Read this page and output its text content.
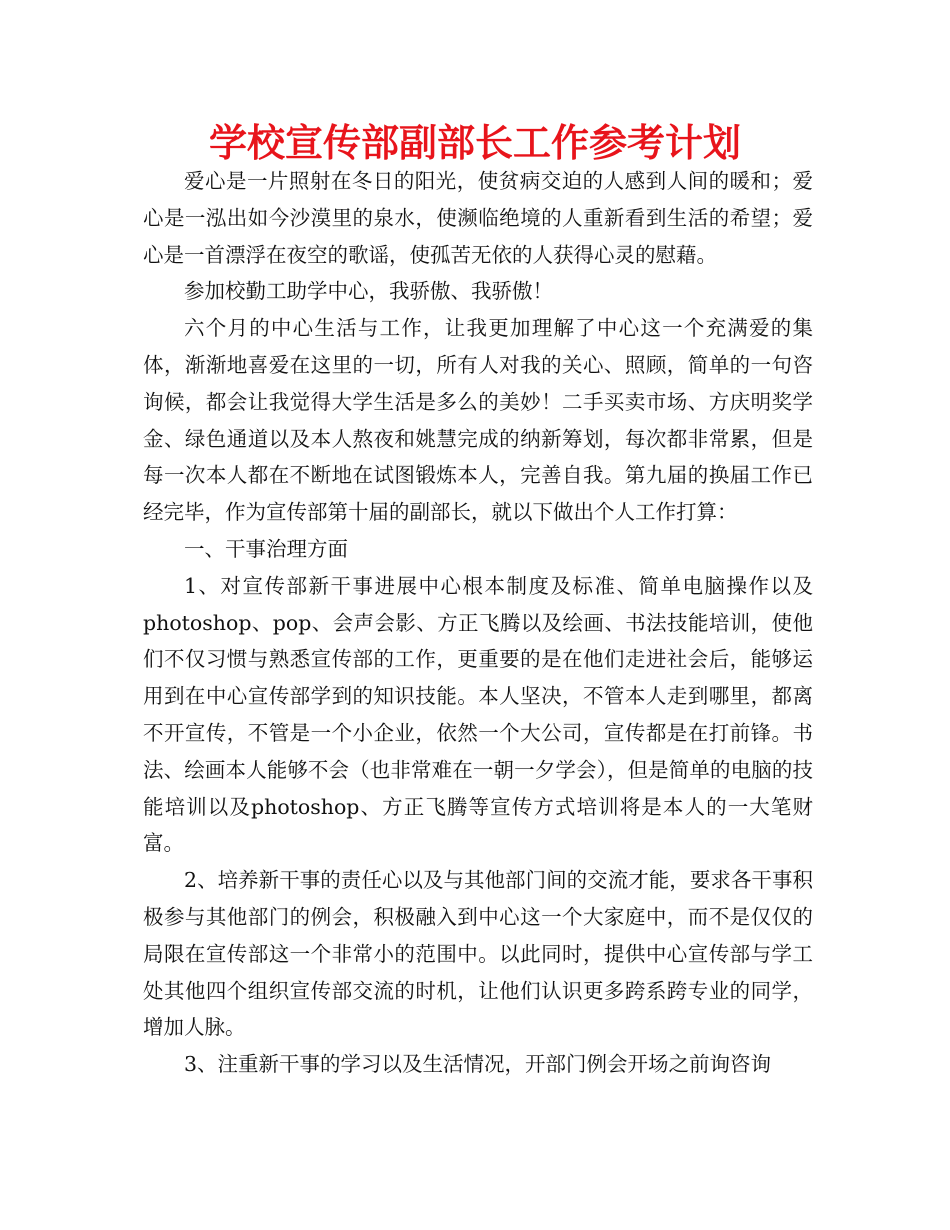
学校宣传部副部长工作参考计划

爱心是一片照射在冬日的阳光，使贫病交迫的人感到人间的暖和；爱心是一泓出如今沙漠里的泉水，使濒临绝境的人重新看到生活的希望；爱心是一首漂浮在夜空的歌谣，使孤苦无依的人获得心灵的慰藉。

参加校勤工助学中心，我骄傲、我骄傲！

六个月的中心生活与工作，让我更加理解了中心这一个充满爱的集体，渐渐地喜爱在这里的一切，所有人对我的关心、照顾，简单的一句咨询候，都会让我觉得大学生活是多么的美妙！二手买卖市场、方庆明奖学金、绿色通道以及本人熬夜和姚慧完成的纳新筹划，每次都非常累，但是每一次本人都在不断地在试图锻炼本人，完善自我。第九届的换届工作已经完毕，作为宣传部第十届的副部长，就以下做出个人工作打算：

一、干事治理方面

1、对宣传部新干事进展中心根本制度及标准、简单电脑操作以及photoshop、pop、会声会影、方正飞腾以及绘画、书法技能培训，使他们不仅习惯与熟悉宣传部的工作，更重要的是在他们走进社会后，能够运用到在中心宣传部学到的知识技能。本人坚决，不管本人走到哪里，都离不开宣传，不管是一个小企业，依然一个大公司，宣传都是在打前锋。书法、绘画本人能够不会（也非常难在一朝一夕学会），但是简单的电脑的技能培训以及photoshop、方正飞腾等宣传方式培训将是本人的一大笔财富。

2、培养新干事的责任心以及与其他部门间的交流才能，要求各干事积极参与其他部门的例会，积极融入到中心这一个大家庭中，而不是仅仅的局限在宣传部这一个非常小的范围中。以此同时，提供中心宣传部与学工处其他四个组织宣传部交流的时机，让他们认识更多跨系跨专业的同学，增加人脉。

3、注重新干事的学习以及生活情况，开部门例会开场之前询咨询
